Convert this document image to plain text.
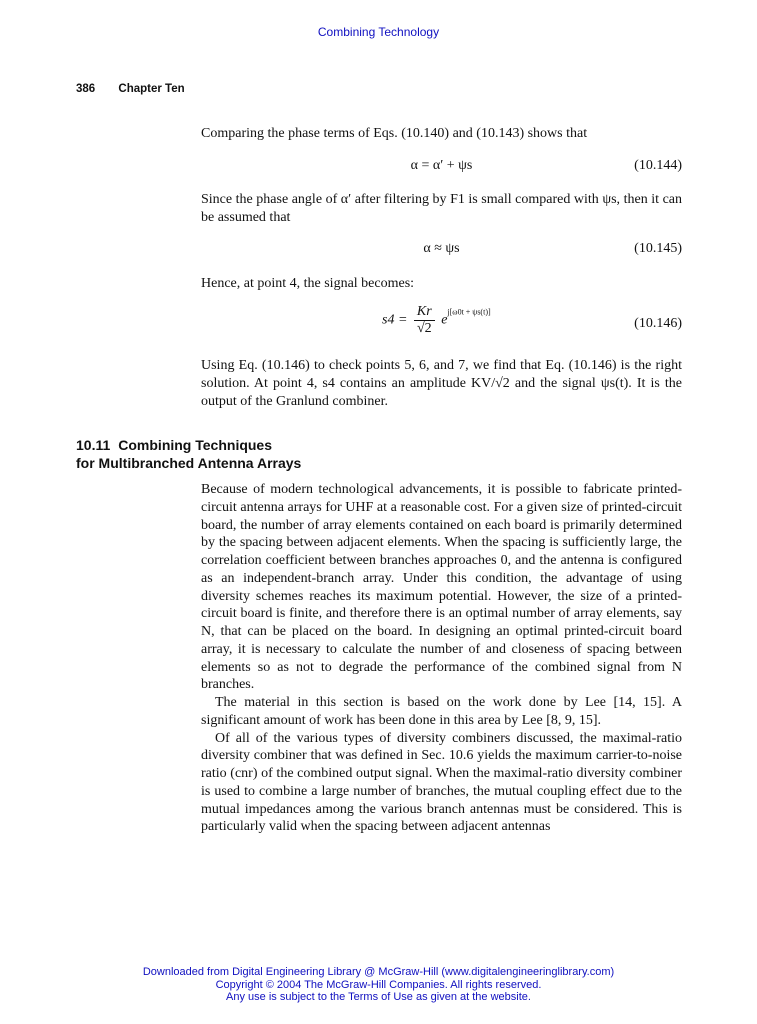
Combining Technology
386 Chapter Ten
Comparing the phase terms of Eqs. (10.140) and (10.143) shows that
α = α′ + ψs	(10.144)
Since the phase angle of α′ after filtering by F1 is small compared with ψs, then it can be assumed that
α ≈ ψs	(10.145)
Hence, at point 4, the signal becomes:
$s4 = \frac{Kr}{√2} e^{j[\omega 0t + \psi s(t)]}$
(10.146)
Using Eq. (10.146) to check points 5, 6, and 7, we find that Eq. (10.146) is the right solution. At point 4, s4 contains an amplitude KV/√2 and the signal ψs(t). It is the output of the Granlund combiner.
10.11 Combining Techniques
for Multibranched Antenna Arrays

Because of modern technological advancements, it is possible to fabricate printed-circuit antenna arrays for UHF at a reasonable cost. For a given size of printed-circuit board, the number of array elements contained on each board is primarily determined by the spacing between adjacent elements. When the spacing is sufficiently large, the correlation coefficient between branches approaches 0, and the antenna is configured as an independent-branch array. Under this condition, the advantage of using diversity schemes reaches its maximum potential. However, the size of a printed-circuit board is finite, and therefore there is an optimal number of array elements, say N, that can be placed on the board. In designing an optimal printed-circuit board array, it is necessary to calculate the number of and closeness of spacing between elements so as not to degrade the performance of the combined signal from N branches.

The material in this section is based on the work done by Lee [14, 15]. A significant amount of work has been done in this area by Lee [8, 9, 15].

Of all of the various types of diversity combiners discussed, the maximal-ratio diversity combiner that was defined in Sec. 10.6 yields the maximum carrier-to-noise ratio (cnr) of the combined output signal. When the maximal-ratio diversity combiner is used to combine a large number of branches, the mutual coupling effect due to the mutual impedances among the various branch antennas must be considered. This is particularly valid when the spacing between adjacent antennas

Downloaded from Digital Engineering Library @ McGraw-Hill (www.digitalengineeringlibrary.com)
Copyright © 2004 The McGraw-Hill Companies. All rights reserved.
Any use is subject to the Terms of Use as given at the website.
